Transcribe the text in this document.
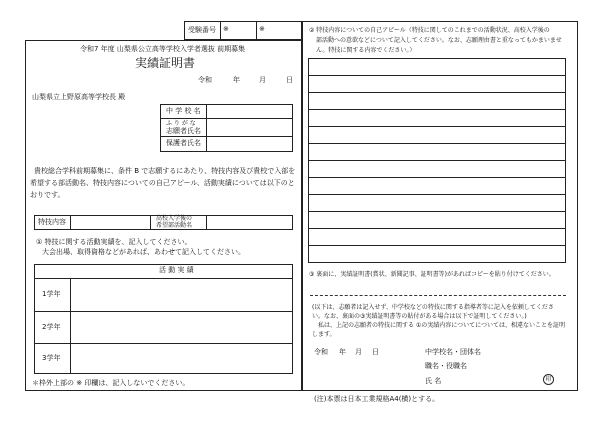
受験番号 ※	※
令和7 年度 山梨県公立高等学校入学者選抜 前期募集
実績証明書
令和	年	月	日
山梨県立上野原高等学校長 殿
中 学 校 名
ふ り が な
志願者氏名
保護者氏名
貴校総合学科前期募集に、条件 B で志願するにあたり、特技内容及び貴校で入部を
希望する部活動名、特技内容についての自己アピール、活動実績については以下のと
おりです。
特技内容	高校入学後の
希望部活動名
① 特技に関する活動実績を、記入してください。
大会出場、取得資格などがあれば、あわせて記入してください。
活 動 実 績
1学年
2学年
3学年
＊枠外上部の ※ 印欄は、記入しないでください。
② 特技内容についての自己アピール（特技に関してのこれまでの活動状況、高校入学後の
部活動への意欲などについて記入してください。なお、志願理由書と重なってもかまいませ
ん。特技に関する内容でください。）
③ 裏面に、実績証明書(賞状、新聞記事、証明書等)があればコピーを貼り付けてください。
(以下は、志願者は記入せず、中学校などの特技に関する指導者等に記入を依頼してくださ
い。なお、裏面の③実績証明書等の貼付がある場合は以下で証明してください。)
私は、上記の志願者の特技に関する ①の実績内容についてについては、相違ないことを証明
します。
令和 年 月 日	中学校名・団体名
職名・役職名
氏 名	印
(注)本票は日本工業規格A4(横)とする。
